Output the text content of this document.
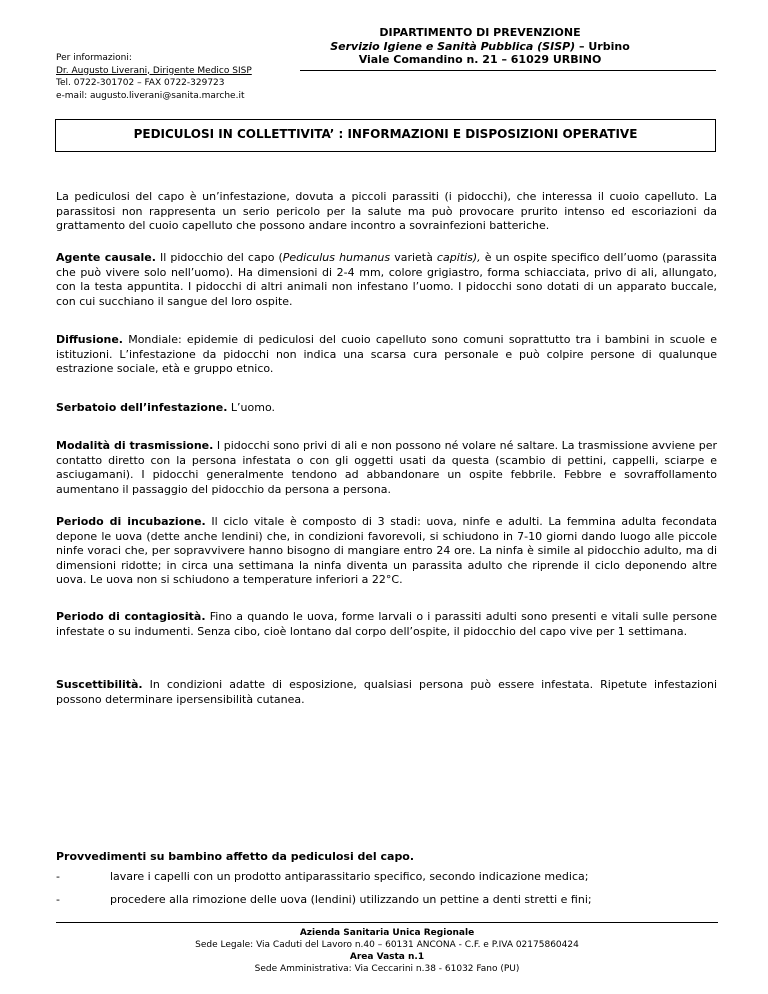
Per informazioni:
Dr. Augusto Liverani, Dirigente Medico SISP
Tel. 0722-301702 – FAX 0722-329723
e-mail: augusto.liverani@sanita.marche.it
DIPARTIMENTO DI PREVENZIONE
Servizio Igiene e Sanità Pubblica (SISP) – Urbino
Viale Comandino n. 21 – 61029 URBINO
PEDICULOSI IN COLLETTIVITA’ : INFORMAZIONI E DISPOSIZIONI OPERATIVE
La pediculosi del capo è un’infestazione, dovuta a piccoli parassiti (i pidocchi), che interessa il cuoio capelluto. La parassitosi non rappresenta un serio pericolo per la salute ma può provocare prurito intenso ed escoriazioni da grattamento del cuoio capelluto che possono andare incontro a sovrainfezioni batteriche.
Agente causale. Il pidocchio del capo (Pediculus humanus varietà capitis), è un ospite specifico dell’uomo (parassita che può vivere solo nell’uomo). Ha dimensioni di 2-4 mm, colore grigiastro, forma schiacciata, privo di ali, allungato, con la testa appuntita. I pidocchi di altri animali non infestano l’uomo. I pidocchi sono dotati di un apparato buccale, con cui succhiano il sangue del loro ospite.
Diffusione. Mondiale: epidemie di pediculosi del cuoio capelluto sono comuni soprattutto tra i bambini in scuole e istituzioni. L’infestazione da pidocchi non indica una scarsa cura personale e può colpire persone di qualunque estrazione sociale, età e gruppo etnico.
Serbatoio dell’infestazione. L’uomo.
Modalità di trasmissione. I pidocchi sono privi di ali e non possono né volare né saltare. La trasmissione avviene per contatto diretto con la persona infestata o con gli oggetti usati da questa (scambio di pettini, cappelli, sciarpe e asciugamani). I pidocchi generalmente tendono ad abbandonare un ospite febbrile. Febbre e sovraffollamento aumentano il passaggio del pidocchio da persona a persona.
Periodo di incubazione. Il ciclo vitale è composto di 3 stadi: uova, ninfe e adulti. La femmina adulta fecondata depone le uova (dette anche lendini) che, in condizioni favorevoli, si schiudono in 7-10 giorni dando luogo alle piccole ninfe voraci che, per sopravvivere hanno bisogno di mangiare entro 24 ore. La ninfa è simile al pidocchio adulto, ma di dimensioni ridotte; in circa una settimana la ninfa diventa un parassita adulto che riprende il ciclo deponendo altre uova. Le uova non si schiudono a temperature inferiori a 22°C.
Periodo di contagiosità. Fino a quando le uova, forme larvali o i parassiti adulti sono presenti e vitali sulle persone infestate o su indumenti. Senza cibo, cioè lontano dal corpo dell’ospite, il pidocchio del capo vive per 1 settimana.
Suscettibilità. In condizioni adatte di esposizione, qualsiasi persona può essere infestata. Ripetute infestazioni possono determinare ipersensibilità cutanea.
Provvedimenti su bambino affetto da pediculosi del capo.
-	lavare i capelli con un prodotto antiparassitario specifico, secondo indicazione medica;
-	procedere alla rimozione delle uova (lendini) utilizzando un pettine a denti stretti e fini;
Azienda Sanitaria Unica Regionale
Sede Legale: Via Caduti del Lavoro n.40 – 60131 ANCONA - C.F. e P.IVA 02175860424
Area Vasta n.1
Sede Amministrativa: Via Ceccarini n.38 - 61032 Fano (PU)
